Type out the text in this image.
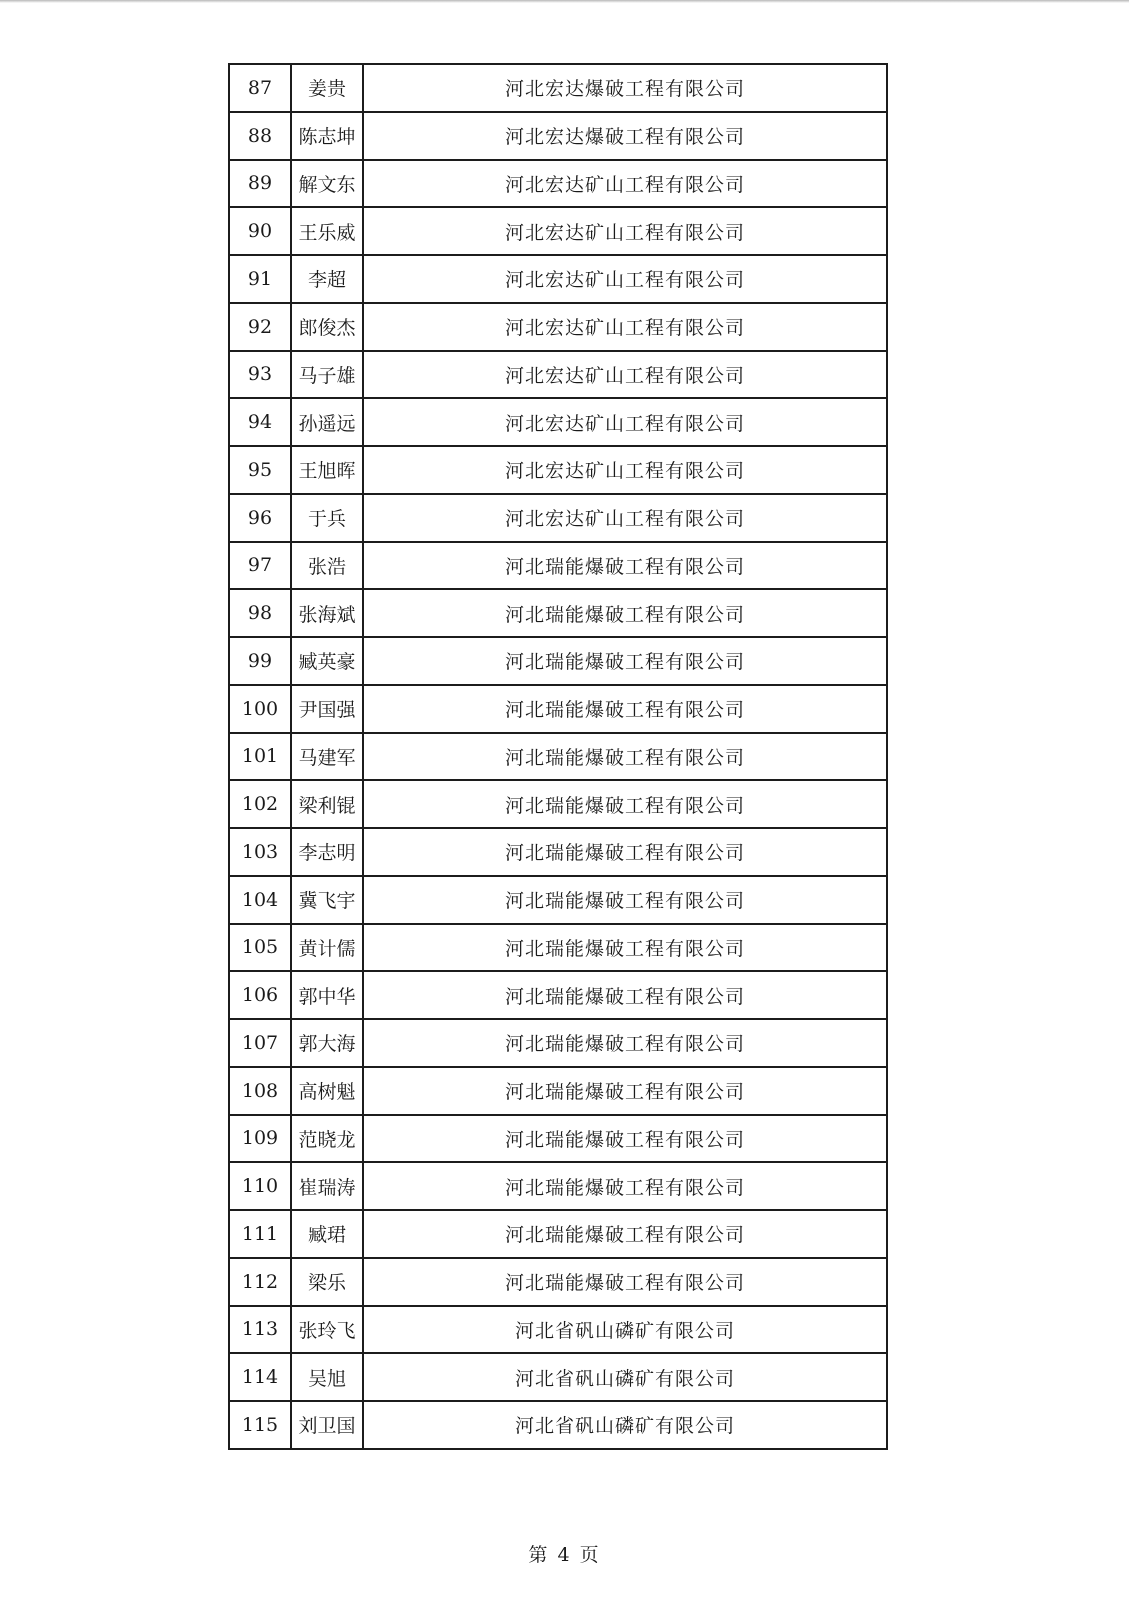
87	姜贵	河北宏达爆破工程有限公司
88	陈志坤	河北宏达爆破工程有限公司
89	解文东	河北宏达矿山工程有限公司
90	王乐威	河北宏达矿山工程有限公司
91	李超	河北宏达矿山工程有限公司
92	郎俊杰	河北宏达矿山工程有限公司
93	马子雄	河北宏达矿山工程有限公司
94	孙遥远	河北宏达矿山工程有限公司
95	王旭晖	河北宏达矿山工程有限公司
96	于兵	河北宏达矿山工程有限公司
97	张浩	河北瑞能爆破工程有限公司
98	张海斌	河北瑞能爆破工程有限公司
99	臧英豪	河北瑞能爆破工程有限公司
100	尹国强	河北瑞能爆破工程有限公司
101	马建军	河北瑞能爆破工程有限公司
102	梁利锟	河北瑞能爆破工程有限公司
103	李志明	河北瑞能爆破工程有限公司
104	冀飞宇	河北瑞能爆破工程有限公司
105	黄计儒	河北瑞能爆破工程有限公司
106	郭中华	河北瑞能爆破工程有限公司
107	郭大海	河北瑞能爆破工程有限公司
108	高树魁	河北瑞能爆破工程有限公司
109	范晓龙	河北瑞能爆破工程有限公司
110	崔瑞涛	河北瑞能爆破工程有限公司
111	臧珺	河北瑞能爆破工程有限公司
112	梁乐	河北瑞能爆破工程有限公司
113	张玲飞	河北省矾山磷矿有限公司
114	吴旭	河北省矾山磷矿有限公司
115	刘卫国	河北省矾山磷矿有限公司
第 4 页
